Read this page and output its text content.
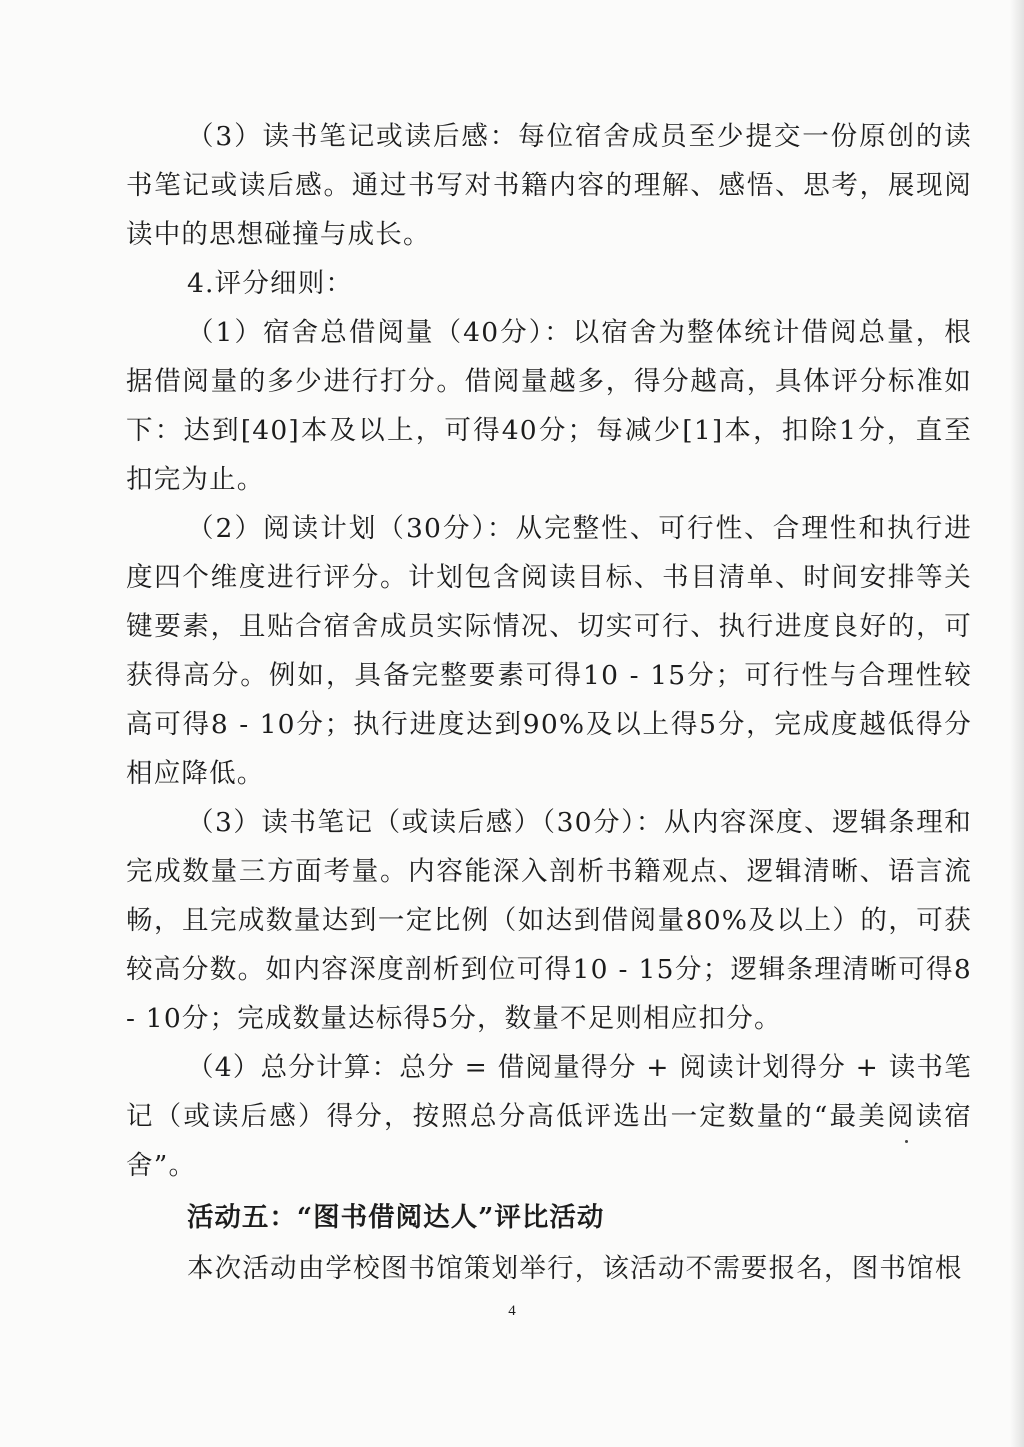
（3）读书笔记或读后感：每位宿舍成员至少提交一份原创的读书笔记或读后感。通过书写对书籍内容的理解、感悟、思考，展现阅读中的思想碰撞与成长。

4.评分细则：

（1）宿舍总借阅量（40分）：以宿舍为整体统计借阅总量，根据借阅量的多少进行打分。借阅量越多，得分越高，具体评分标准如下：达到[40]本及以上，可得40分；每减少[1]本，扣除1分，直至扣完为止。

（2）阅读计划（30分）：从完整性、可行性、合理性和执行进度四个维度进行评分。计划包含阅读目标、书目清单、时间安排等关键要素，且贴合宿舍成员实际情况、切实可行、执行进度良好的，可获得高分。例如，具备完整要素可得10 - 15分；可行性与合理性较高可得8 - 10分；执行进度达到90%及以上得5分，完成度越低得分相应降低。

（3）读书笔记（或读后感）（30分）：从内容深度、逻辑条理和完成数量三方面考量。内容能深入剖析书籍观点、逻辑清晰、语言流畅，且完成数量达到一定比例（如达到借阅量80%及以上）的，可获较高分数。如内容深度剖析到位可得10 - 15分；逻辑条理清晰可得8 - 10分；完成数量达标得5分，数量不足则相应扣分。

（4）总分计算：总分 = 借阅量得分 + 阅读计划得分 + 读书笔记（或读后感）得分，按照总分高低评选出一定数量的“最美阅读宿舍”。

活动五：“图书借阅达人”评比活动

本次活动由学校图书馆策划举行，该活动不需要报名，图书馆根

4
